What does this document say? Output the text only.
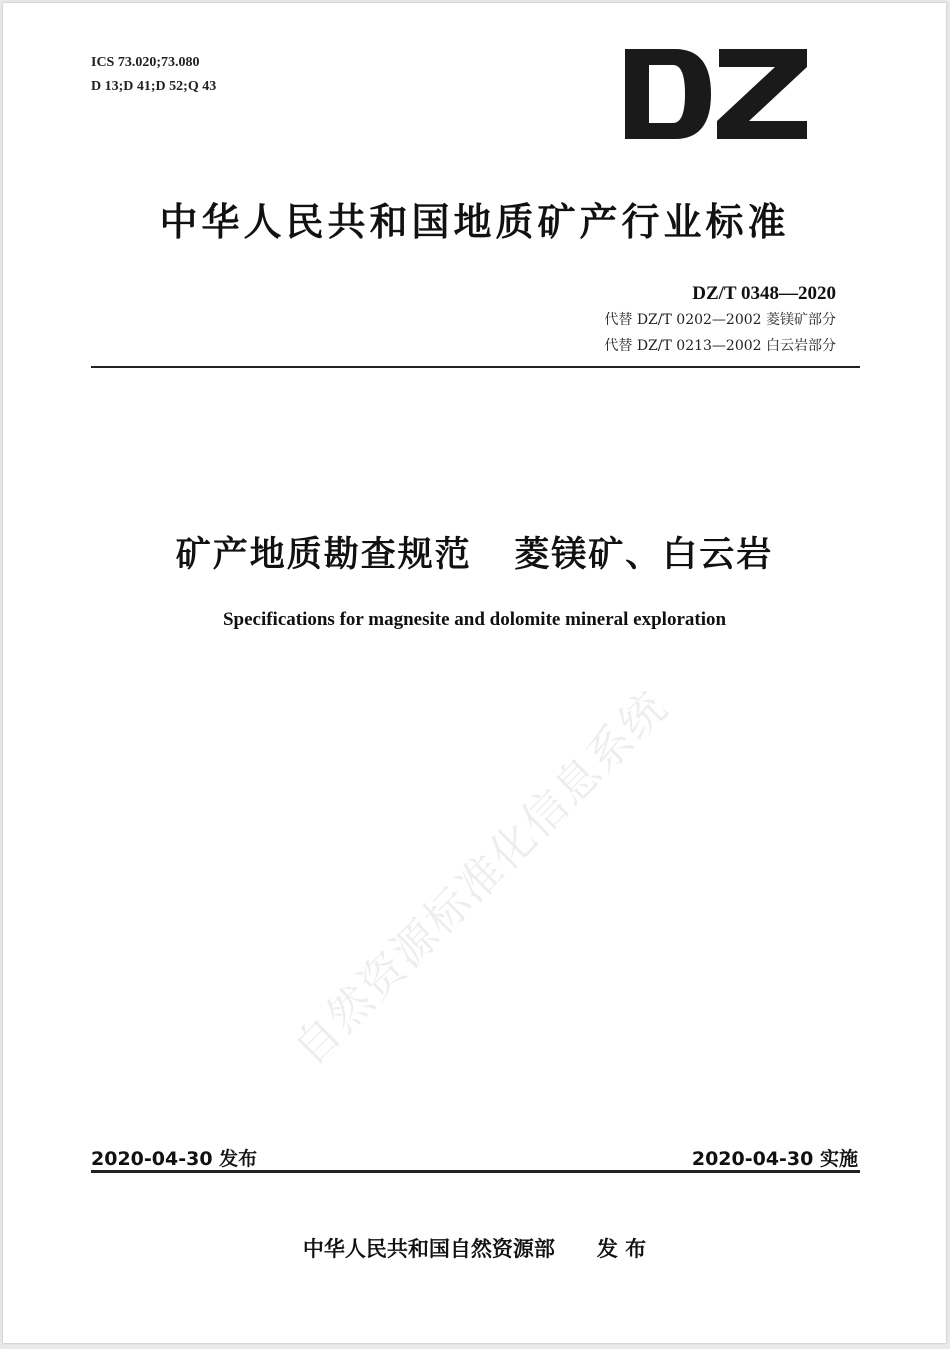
ICS 73.020;73.080
D 13;D 41;D 52;Q 43
中华人民共和国地质矿产行业标准
DZ/T 0348—2020
代替 DZ/T 0202—2002 菱镁矿部分
代替 DZ/T 0213—2002 白云岩部分
矿产地质勘查规范   菱镁矿、白云岩
Specifications for magnesite and dolomite mineral exploration
自然资源标准化信息系统
2020-04-30 发布	2020-04-30 实施
中华人民共和国自然资源部 发 布
